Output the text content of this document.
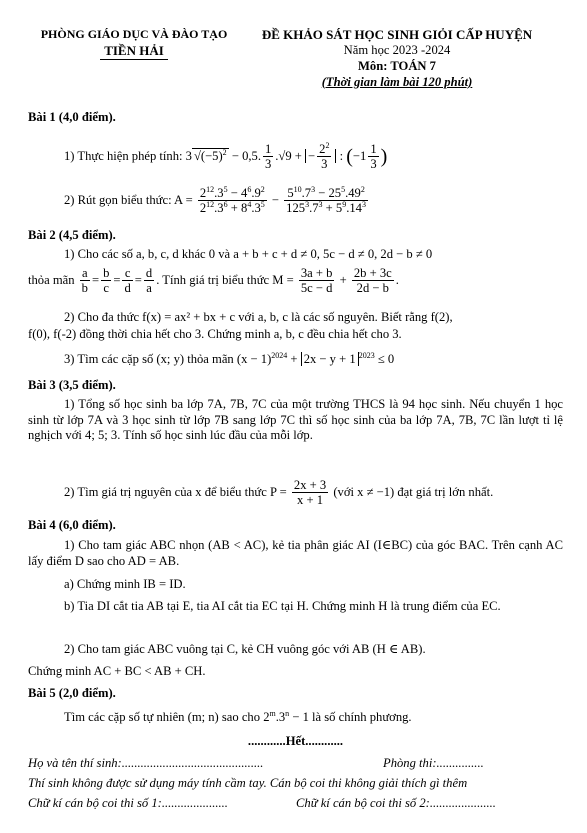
PHÒNG GIÁO DỤC VÀ ĐÀO TẠO
TIỀN HẢI
ĐỀ KHẢO SÁT HỌC SINH GIỎI CẤP HUYỆN
Năm học 2023 -2024
Môn: TOÁN 7
(Thời gian làm bài 120 phút)
Bài 1 (4,0 điểm).
1) Thực hiện phép tính: 3 $√(-5)^2 - 0,5$. $\frac{1}{3} .√9$ + − $\frac{2^2}{3}$ : ($-1 \frac{1}{3}$ )
2) Rút gọn biểu thức: $A = \frac{2^{12}.3^5 - 4^6.9^2}{2^{12}.3^6 + 8^4.3^5} - \frac{5^{10}.7^3 - 25^5.49^2}{125^3.7^3 + 5^9.14^3}$
Bài 2 (4,5 điểm).
1) Cho các số a, b, c, d khác 0 và a + b + c + d ≠ 0, 5c − d ≠ 0, 2d − b ≠ 0
thỏa mãn $\frac{a}{b} = \frac{b}{c} = \frac{c}{d} = \frac{d}{a}$ . Tính giá trị biểu thức $M = \frac{3a + b}{5c - d} + \frac{2b + 3c}{2d - b}$ .
2) Cho đa thức f(x) = ax² + bx + c với a, b, c là các số nguyên. Biết rằng f(2),
f(0), f(-2) đồng thời chia hết cho 3. Chứng minh a, b, c đều chia hết cho 3.
3) Tìm các cặp số (x; y) thỏa mãn $(x - 1)^{2024} + 2x - y + 1$ $^{2023}$ ≤ 0
Bài 3 (3,5 điểm).
1) Tổng số học sinh ba lớp 7A, 7B, 7C của một trường THCS là 94 học sinh. Nếu chuyển 1 học sinh từ lớp 7A và 3 học sinh từ lớp 7B sang lớp 7C thì số học sinh của ba lớp 7A, 7B, 7C lần lượt tỉ lệ nghịch với 4; 5; 3. Tính số học sinh lúc đầu của mỗi lớp.
2) Tìm giá trị nguyên của x để biểu thức $P = \frac{2x + 3}{x + 1}$ (với x ≠ −1) đạt giá trị lớn nhất.
Bài 4 (6,0 điểm).
1) Cho tam giác ABC nhọn (AB < AC), kẻ tia phân giác AI (I∈BC) của góc BAC. Trên cạnh AC lấy điểm D sao cho AD = AB.
a) Chứng minh IB = ID.
b) Tia DI cắt tia AB tại E, tia AI cắt tia EC tại H. Chứng minh H là trung điểm của EC.
2) Cho tam giác ABC vuông tại C, kẻ CH vuông góc với AB (H ∈ AB).
Chứng minh AC + BC < AB + CH.
Bài 5 (2,0 điểm).
Tìm các cặp số tự nhiên (m; n) sao cho $2^m.3^n - 1$ là số chính phương.
............Hết............
Họ và tên thí sinh:.............................................	Phòng thi:...............
Thí sinh không được sử dụng máy tính cầm tay. Cán bộ coi thi không giải thích gì thêm
Chữ kí cán bộ coi thi số 1:.....................	Chữ kí cán bộ coi thi số 2:.....................
